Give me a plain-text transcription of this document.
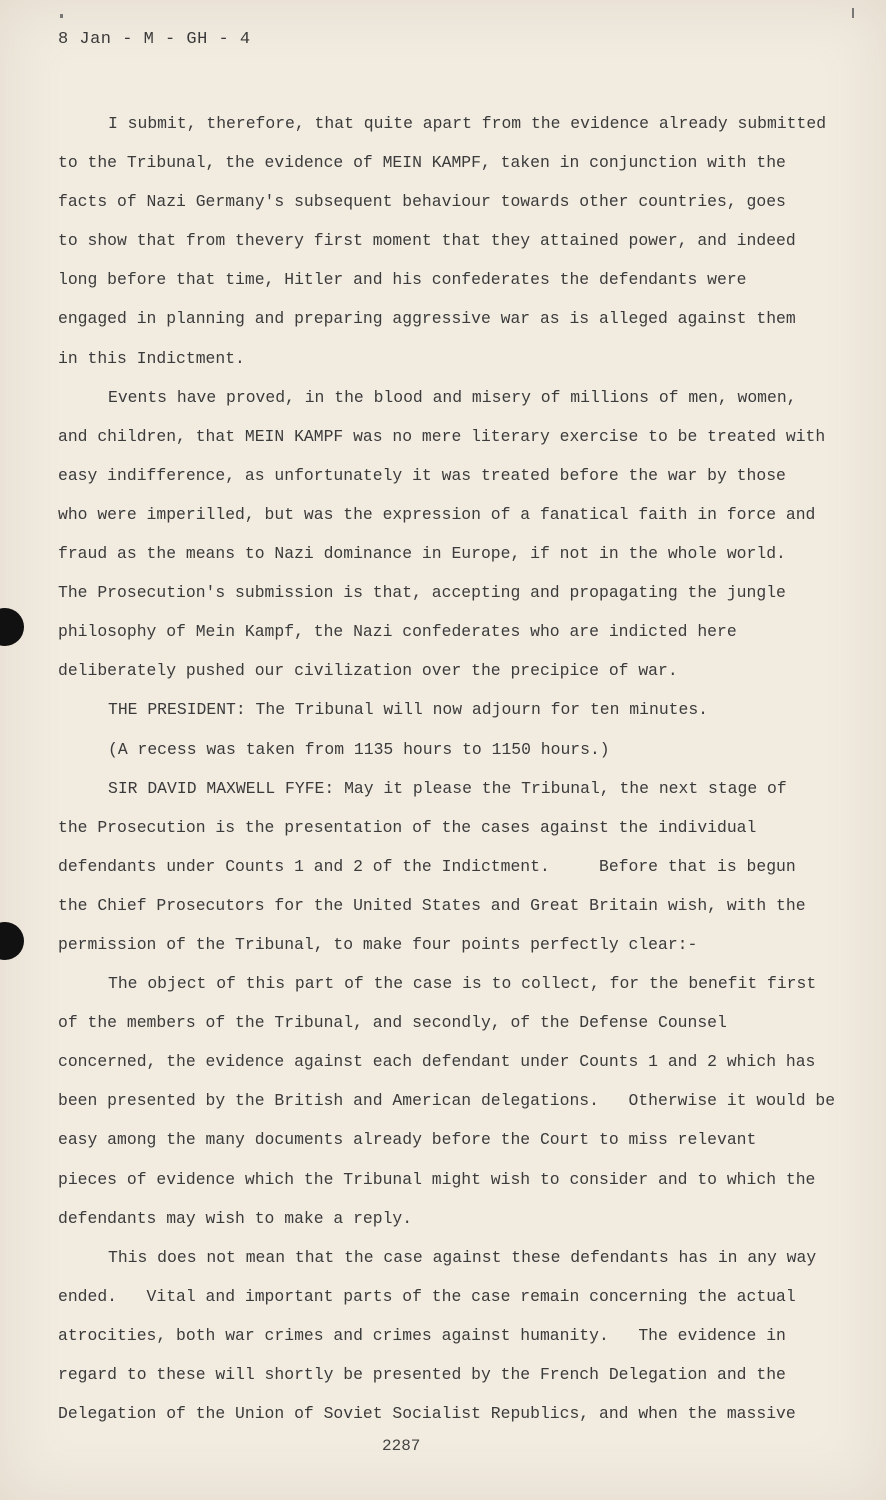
8 Jan - M - GH - 4
I submit, therefore, that quite apart from the evidence already submitted
to the Tribunal, the evidence of MEIN KAMPF, taken in conjunction with the
facts of Nazi Germany's subsequent behaviour towards other countries, goes
to show that from thevery first moment that they attained power, and indeed
long before that time, Hitler and his confederates the defendants were
engaged in planning and preparing aggressive war as is alleged against them
in this Indictment.
Events have proved, in the blood and misery of millions of men, women,
and children, that MEIN KAMPF was no mere literary exercise to be treated with
easy indifference, as unfortunately it was treated before the war by those
who were imperilled, but was the expression of a fanatical faith in force and
fraud as the means to Nazi dominance in Europe, if not in the whole world.
The Prosecution's submission is that, accepting and propagating the jungle
philosophy of Mein Kampf, the Nazi confederates who are indicted here
deliberately pushed our civilization over the precipice of war.
THE PRESIDENT: The Tribunal will now adjourn for ten minutes.
(A recess was taken from 1135 hours to 1150 hours.)
SIR DAVID MAXWELL FYFE: May it please the Tribunal, the next stage of
the Prosecution is the presentation of the cases against the individual
defendants under Counts 1 and 2 of the Indictment.     Before that is begun
the Chief Prosecutors for the United States and Great Britain wish, with the
permission of the Tribunal, to make four points perfectly clear:-
The object of this part of the case is to collect, for the benefit first
of the members of the Tribunal, and secondly, of the Defense Counsel
concerned, the evidence against each defendant under Counts 1 and 2 which has
been presented by the British and American delegations.   Otherwise it would be
easy among the many documents already before the Court to miss relevant
pieces of evidence which the Tribunal might wish to consider and to which the
defendants may wish to make a reply.
This does not mean that the case against these defendants has in any way
ended.   Vital and important parts of the case remain concerning the actual
atrocities, both war crimes and crimes against humanity.   The evidence in
regard to these will shortly be presented by the French Delegation and the
Delegation of the Union of Soviet Socialist Republics, and when the massive
2287
